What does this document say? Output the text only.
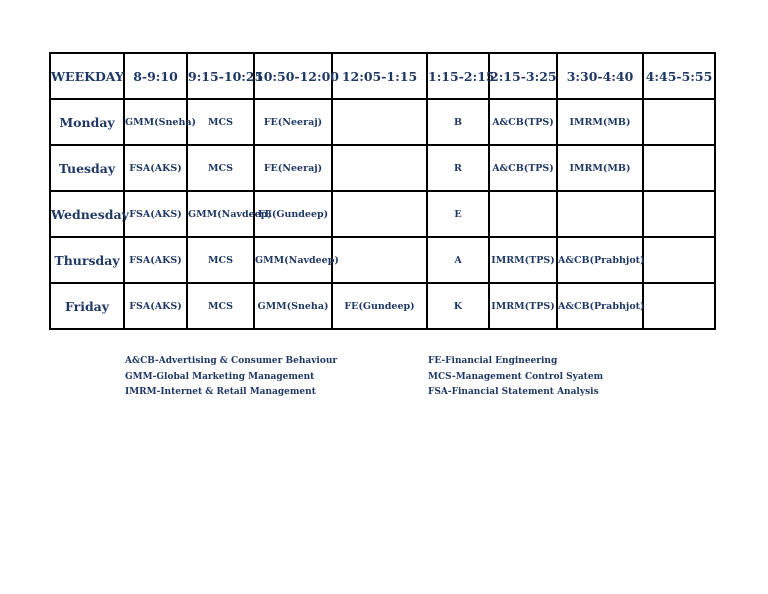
WEEKDAY	8-9:10	9:15-10:25	10:50-12:00	12:05-1:15	1:15-2:15	2:15-3:25	3:30-4:40	4:45-5:55
Monday	GMM(Sneha)	MCS	FE(Neeraj)		B	A&CB(TPS)	IMRM(MB)	
Tuesday	FSA(AKS)	MCS	FE(Neeraj)		R	A&CB(TPS)	IMRM(MB)	
Wednesday	FSA(AKS)	GMM(Navdeep)	FE(Gundeep)		E			
Thursday	FSA(AKS)	MCS	GMM(Navdeep)		A	IMRM(TPS)	A&CB(Prabhjot)	
Friday	FSA(AKS)	MCS	GMM(Sneha)	FE(Gundeep)	K	IMRM(TPS)	A&CB(Prabhjot)	
A&CB-Advertising & Consumer Behaviour
GMM-Global Marketing Management
IMRM-Internet & Retail Management
FE-Financial Engineering
MCS-Management Control Syatem
FSA-Financial Statement Analysis
